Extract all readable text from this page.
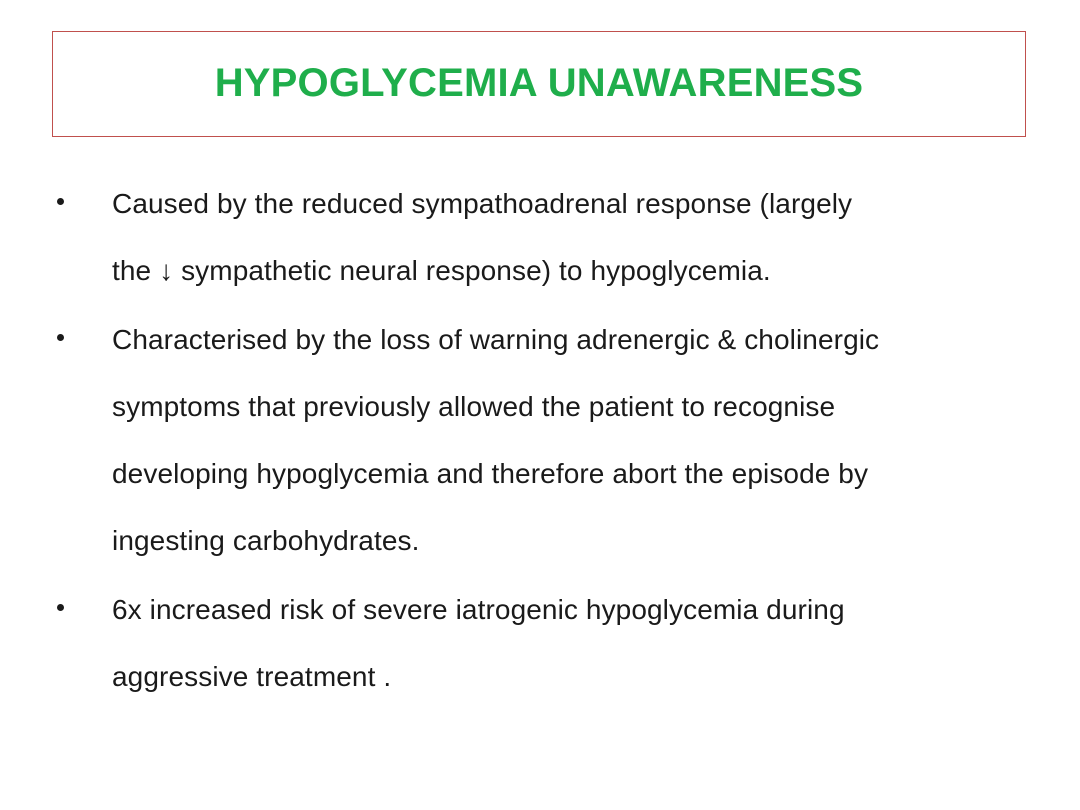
HYPOGLYCEMIA UNAWARENESS
Caused by the reduced sympathoadrenal response (largely
the ↓ sympathetic neural response) to hypoglycemia.
Characterised by the loss of warning adrenergic & cholinergic
symptoms that previously allowed the patient to recognise
developing hypoglycemia and therefore abort the episode by
ingesting carbohydrates.
6x increased risk of severe iatrogenic hypoglycemia during
aggressive treatment .
